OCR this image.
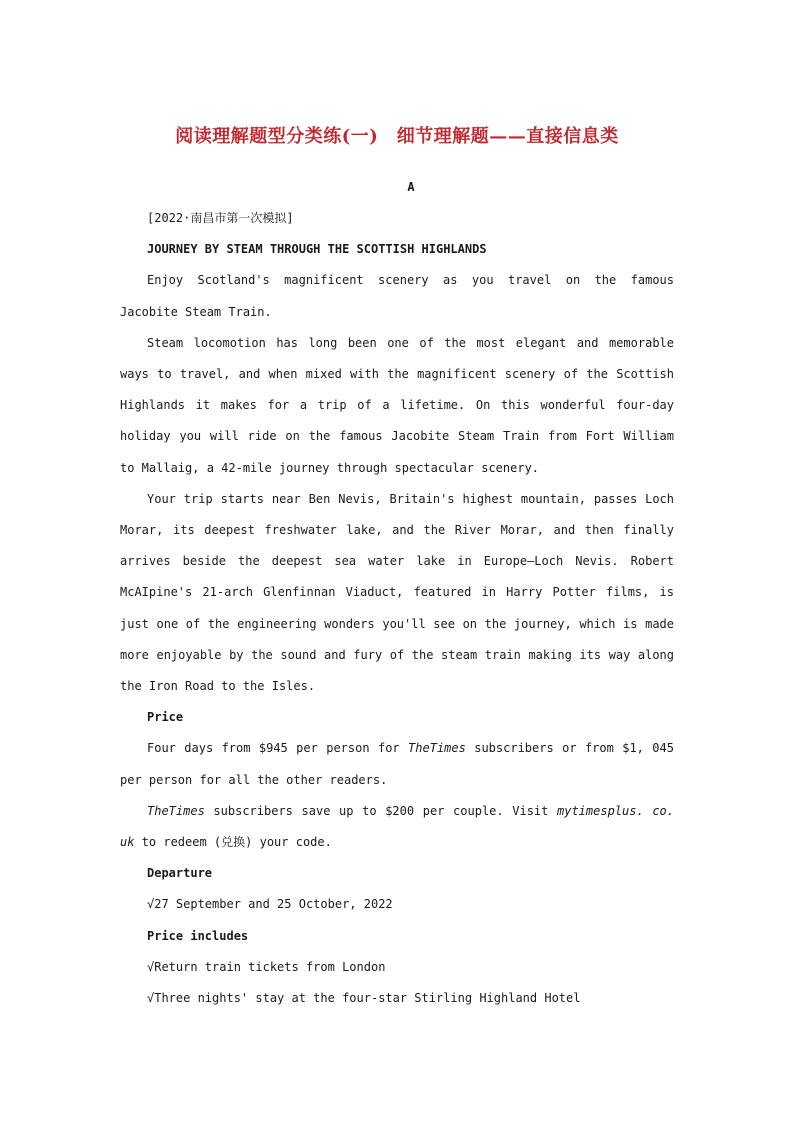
阅读理解题型分类练(一)　细节理解题——直接信息类
A

[2022·南昌市第一次模拟]

JOURNEY BY STEAM THROUGH THE SCOTTISH HIGHLANDS

Enjoy Scotland's magnificent scenery as you travel on the famous Jacobite Steam Train.

Steam locomotion has long been one of the most elegant and memorable ways to travel, and when mixed with the magnificent scenery of the Scottish Highlands it makes for a trip of a lifetime. On this wonderful four-day holiday you will ride on the famous Jacobite Steam Train from Fort William to Mallaig, a 42-mile journey through spectacular scenery.

Your trip starts near Ben Nevis, Britain's highest mountain, passes Loch Morar, its deepest freshwater lake, and the River Morar, and then finally arrives beside the deepest sea water lake in Europe—Loch Nevis. Robert McAIpine's 21-arch Glenfinnan Viaduct, featured in Harry Potter films, is just one of the engineering wonders you'll see on the journey, which is made more enjoyable by the sound and fury of the steam train making its way along the Iron Road to the Isles.

Price

Four days from $945 per person for TheTimes subscribers or from $1, 045 per person for all the other readers.

TheTimes subscribers save up to $200 per couple. Visit mytimesplus. co. uk to redeem (兑换) your code.

Departure

√27 September and 25 October, 2022

Price includes

√Return train tickets from London

√Three nights' stay at the four-star Stirling Highland Hotel
